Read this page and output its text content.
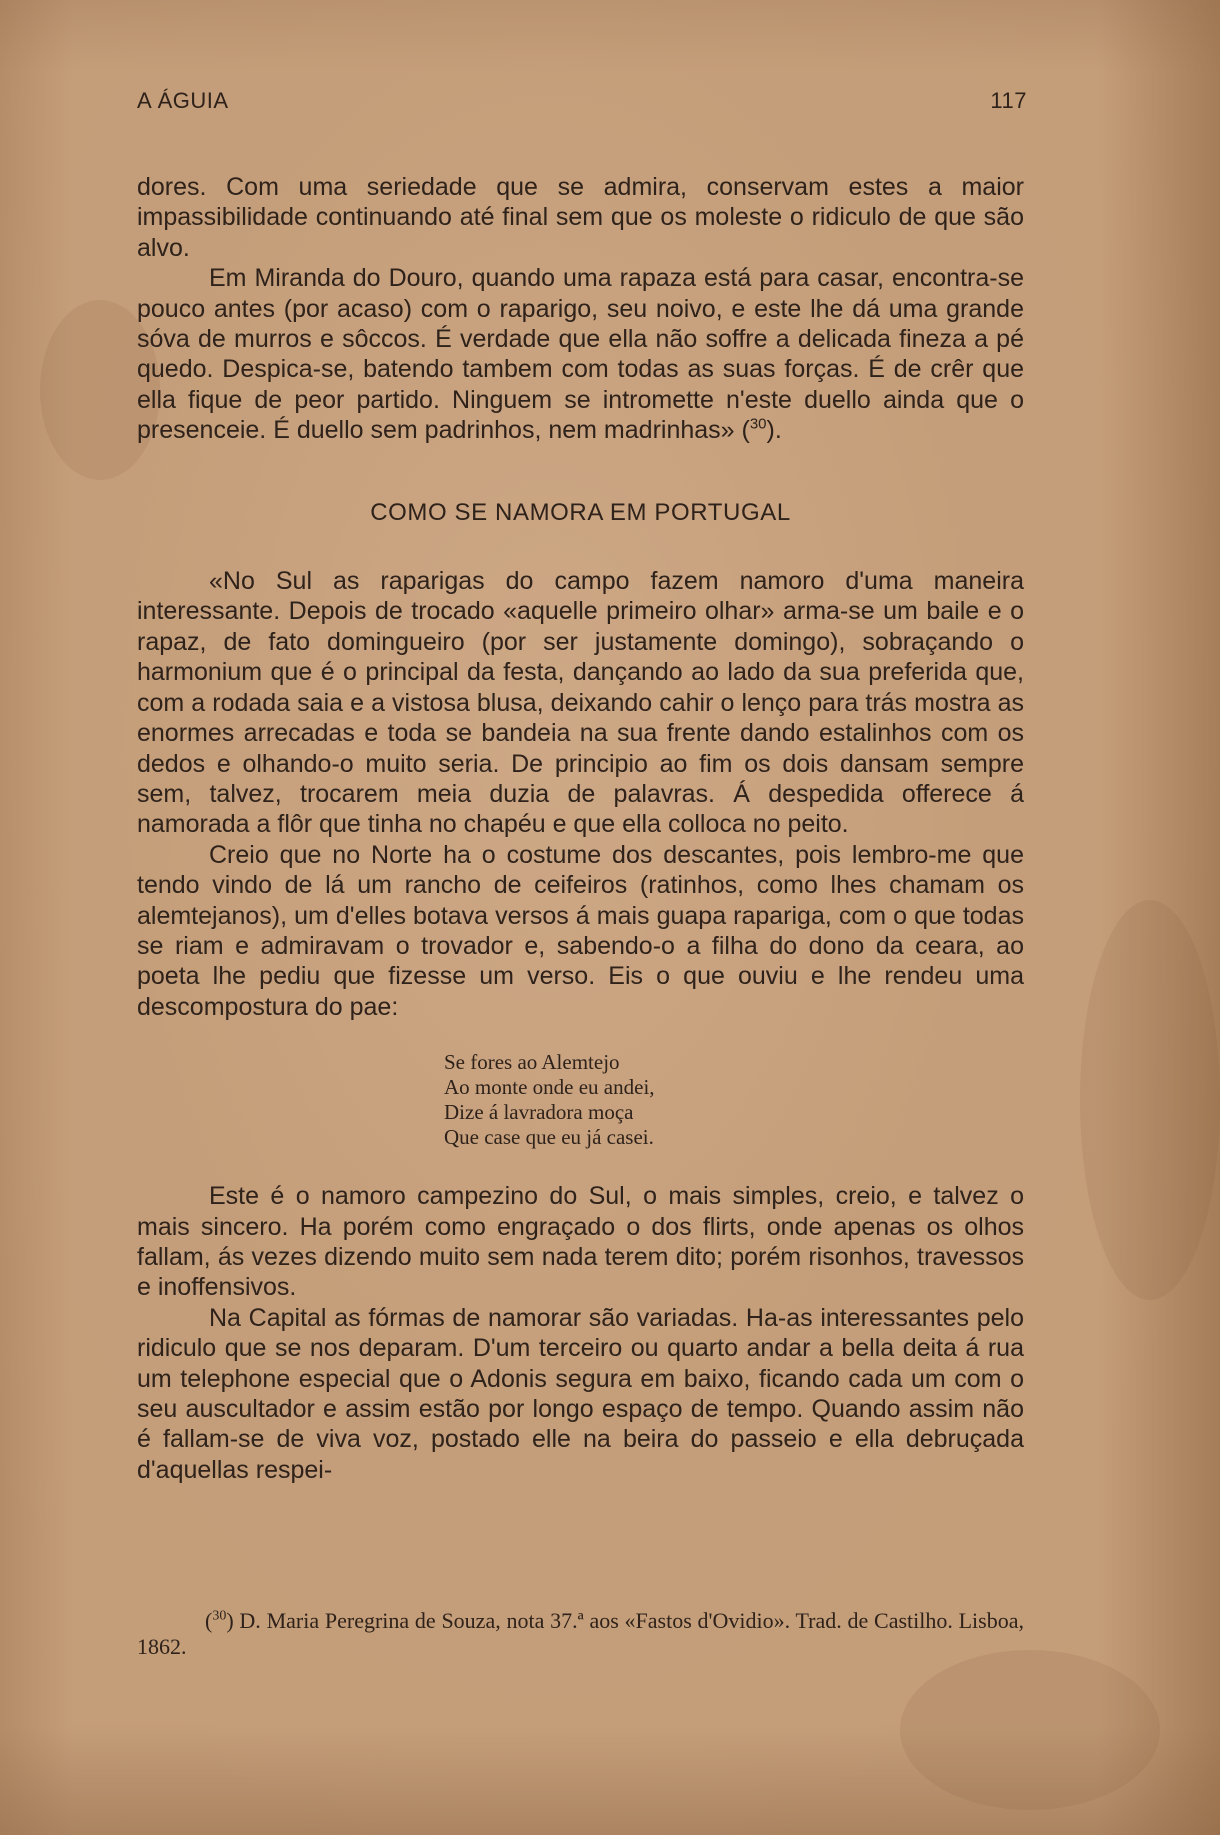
A ÁGUIA	117

dores. Com uma seriedade que se admira, conservam estes a maior impassibilidade continuando até final sem que os moleste o ridiculo de que são alvo.

Em Miranda do Douro, quando uma rapaza está para casar, encontra-se pouco antes (por acaso) com o raparigo, seu noivo, e este lhe dá uma grande sóva de murros e sôccos. É verdade que ella não soffre a delicada fineza a pé quedo. Despica-se, batendo tambem com todas as suas forças. É de crêr que ella fique de peor partido. Ninguem se intromette n'este duello ainda que o presenceie. É duello sem padrinhos, nem madrinhas» ($^{30}$).

COMO SE NAMORA EM PORTUGAL

«No Sul as raparigas do campo fazem namoro d'uma maneira interessante. Depois de trocado «aquelle primeiro olhar» arma-se um baile e o rapaz, de fato domingueiro (por ser justamente domingo), sobraçando o harmonium que é o principal da festa, dançando ao lado da sua preferida que, com a rodada saia e a vistosa blusa, deixando cahir o lenço para trás mostra as enormes arrecadas e toda se bandeia na sua frente dando estalinhos com os dedos e olhando-o muito seria. De principio ao fim os dois dansam sempre sem, talvez, trocarem meia duzia de palavras. Á despedida offerece á namorada a flôr que tinha no chapéu e que ella colloca no peito.

Creio que no Norte ha o costume dos descantes, pois lembro-me que tendo vindo de lá um rancho de ceifeiros (ratinhos, como lhes chamam os alemtejanos), um d'elles botava versos á mais guapa rapariga, com o que todas se riam e admiravam o trovador e, sabendo-o a filha do dono da ceara, ao poeta lhe pediu que fizesse um verso. Eis o que ouviu e lhe rendeu uma descompostura do pae:

Se fores ao Alemtejo
Ao monte onde eu andei,
Dize á lavradora moça
Que case que eu já casei.

Este é o namoro campezino do Sul, o mais simples, creio, e talvez o mais sincero. Ha porém como engraçado o dos flirts, onde apenas os olhos fallam, ás vezes dizendo muito sem nada terem dito; porém risonhos, travessos e inoffensivos.

Na Capital as fórmas de namorar são variadas. Ha-as interessantes pelo ridiculo que se nos deparam. D'um terceiro ou quarto andar a bella deita á rua um telephone especial que o Adonis segura em baixo, ficando cada um com o seu auscultador e assim estão por longo espaço de tempo. Quando assim não é fallam-se de viva voz, postado elle na beira do passeio e ella debruçada d'aquellas respei-

($^{30}$) D. Maria Peregrina de Souza, nota 37.ª aos «Fastos d'Ovidio». Trad. de Castilho. Lisboa, 1862.
